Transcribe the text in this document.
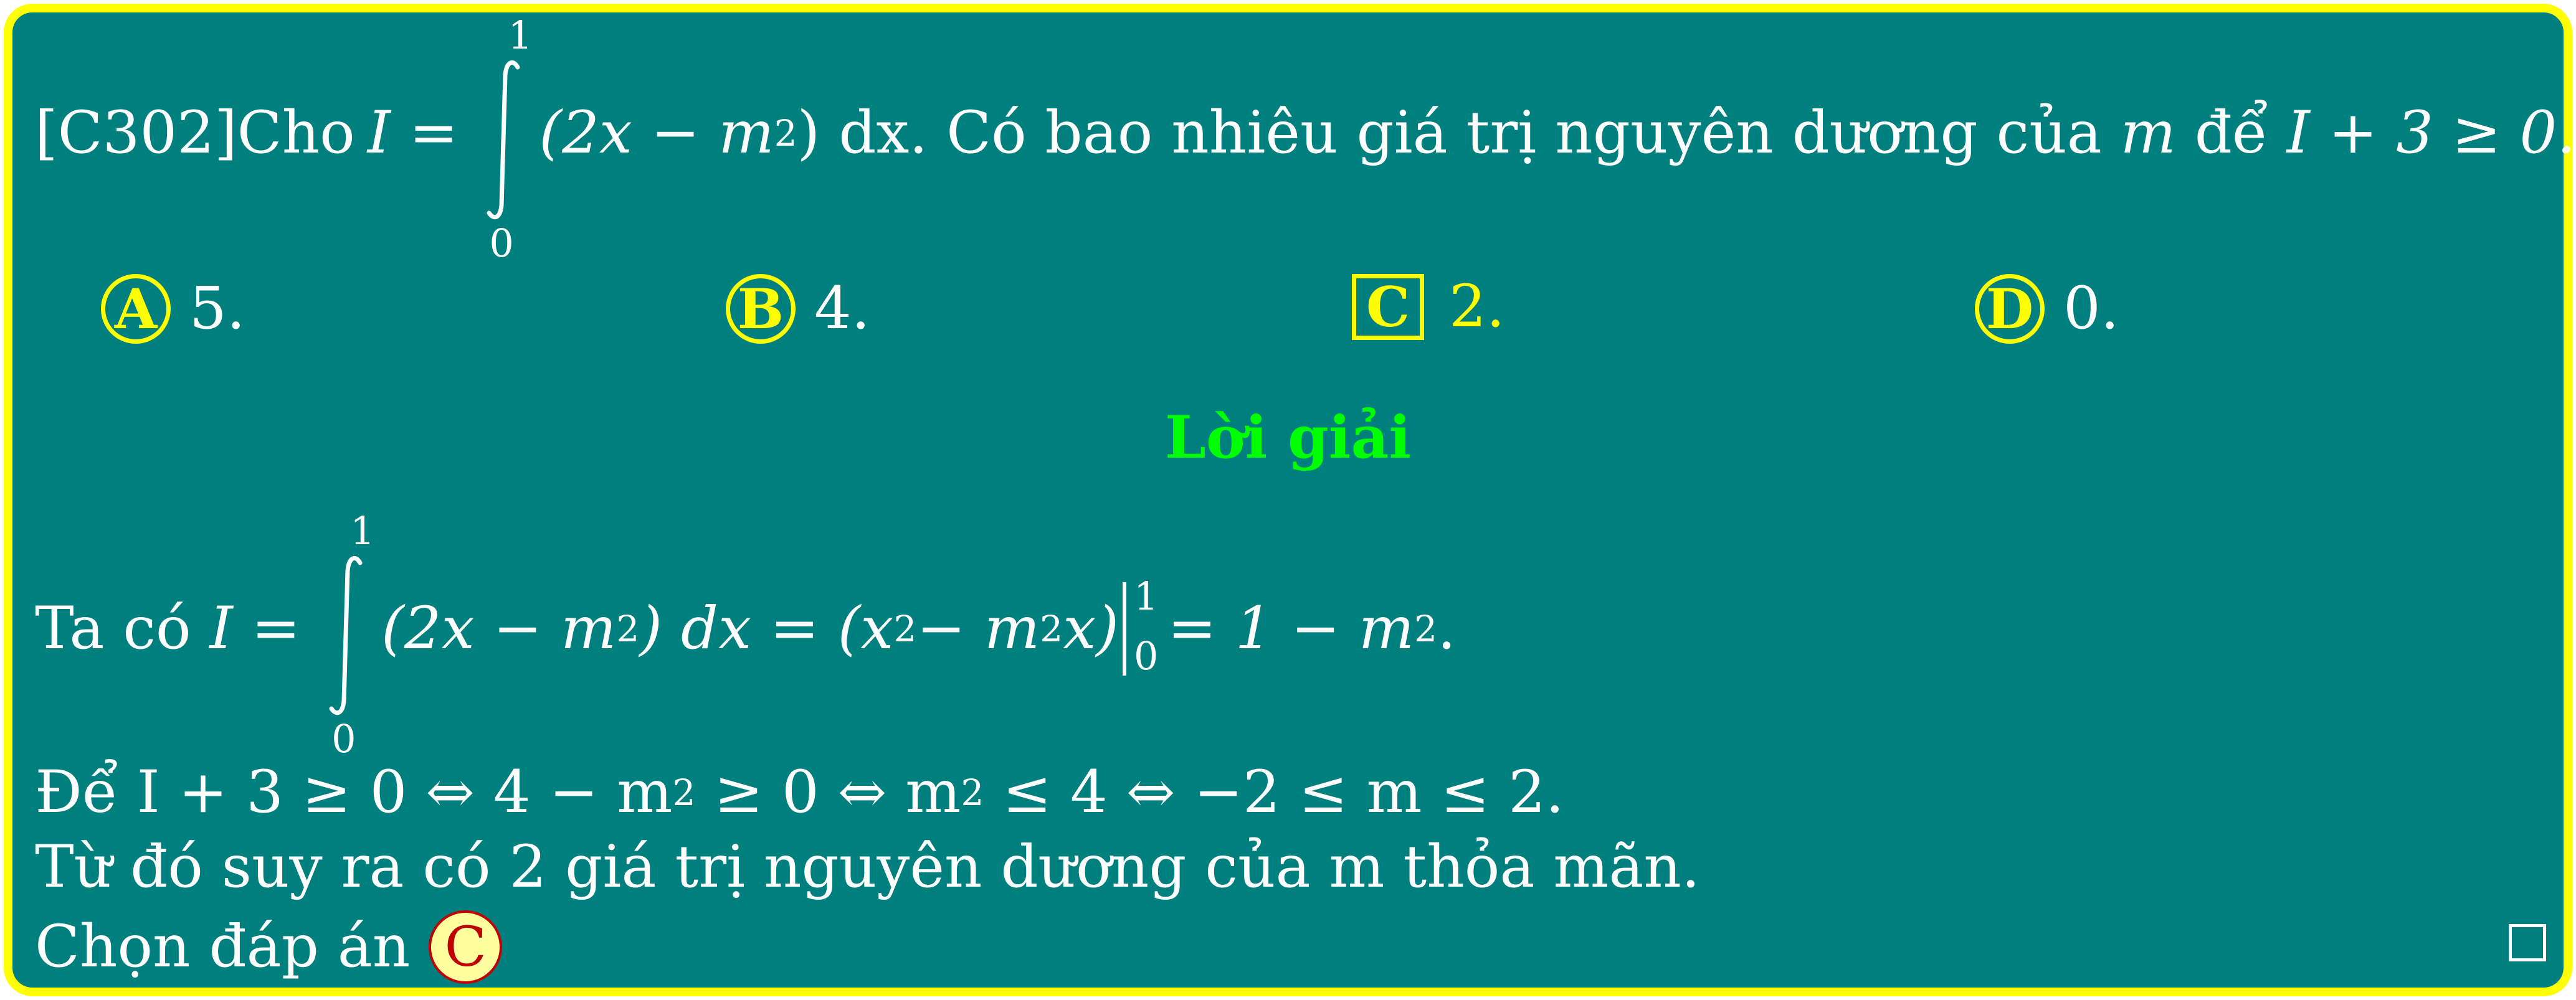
[C302]Cho I =
1
0
(2x − m 2 ) dx . Có bao nhiêu giá trị nguyên dương của m để I + 3 ≥ 0.
A 5.	B 4.	C 2.	D 0.
Lời giải
Ta có I =
1
0
(2x − m 2 ) dx = (x 2 − m 2 x) 1
0 = 1 − m 2 .
Để I + 3 ≥ 0 ⇔ 4 − m 2 ≥ 0 ⇔ m 2 ≤ 4 ⇔ −2 ≤ m ≤ 2.
Từ đó suy ra có 2 giá trị nguyên dương của m thỏa mãn.
Chọn đáp án C
